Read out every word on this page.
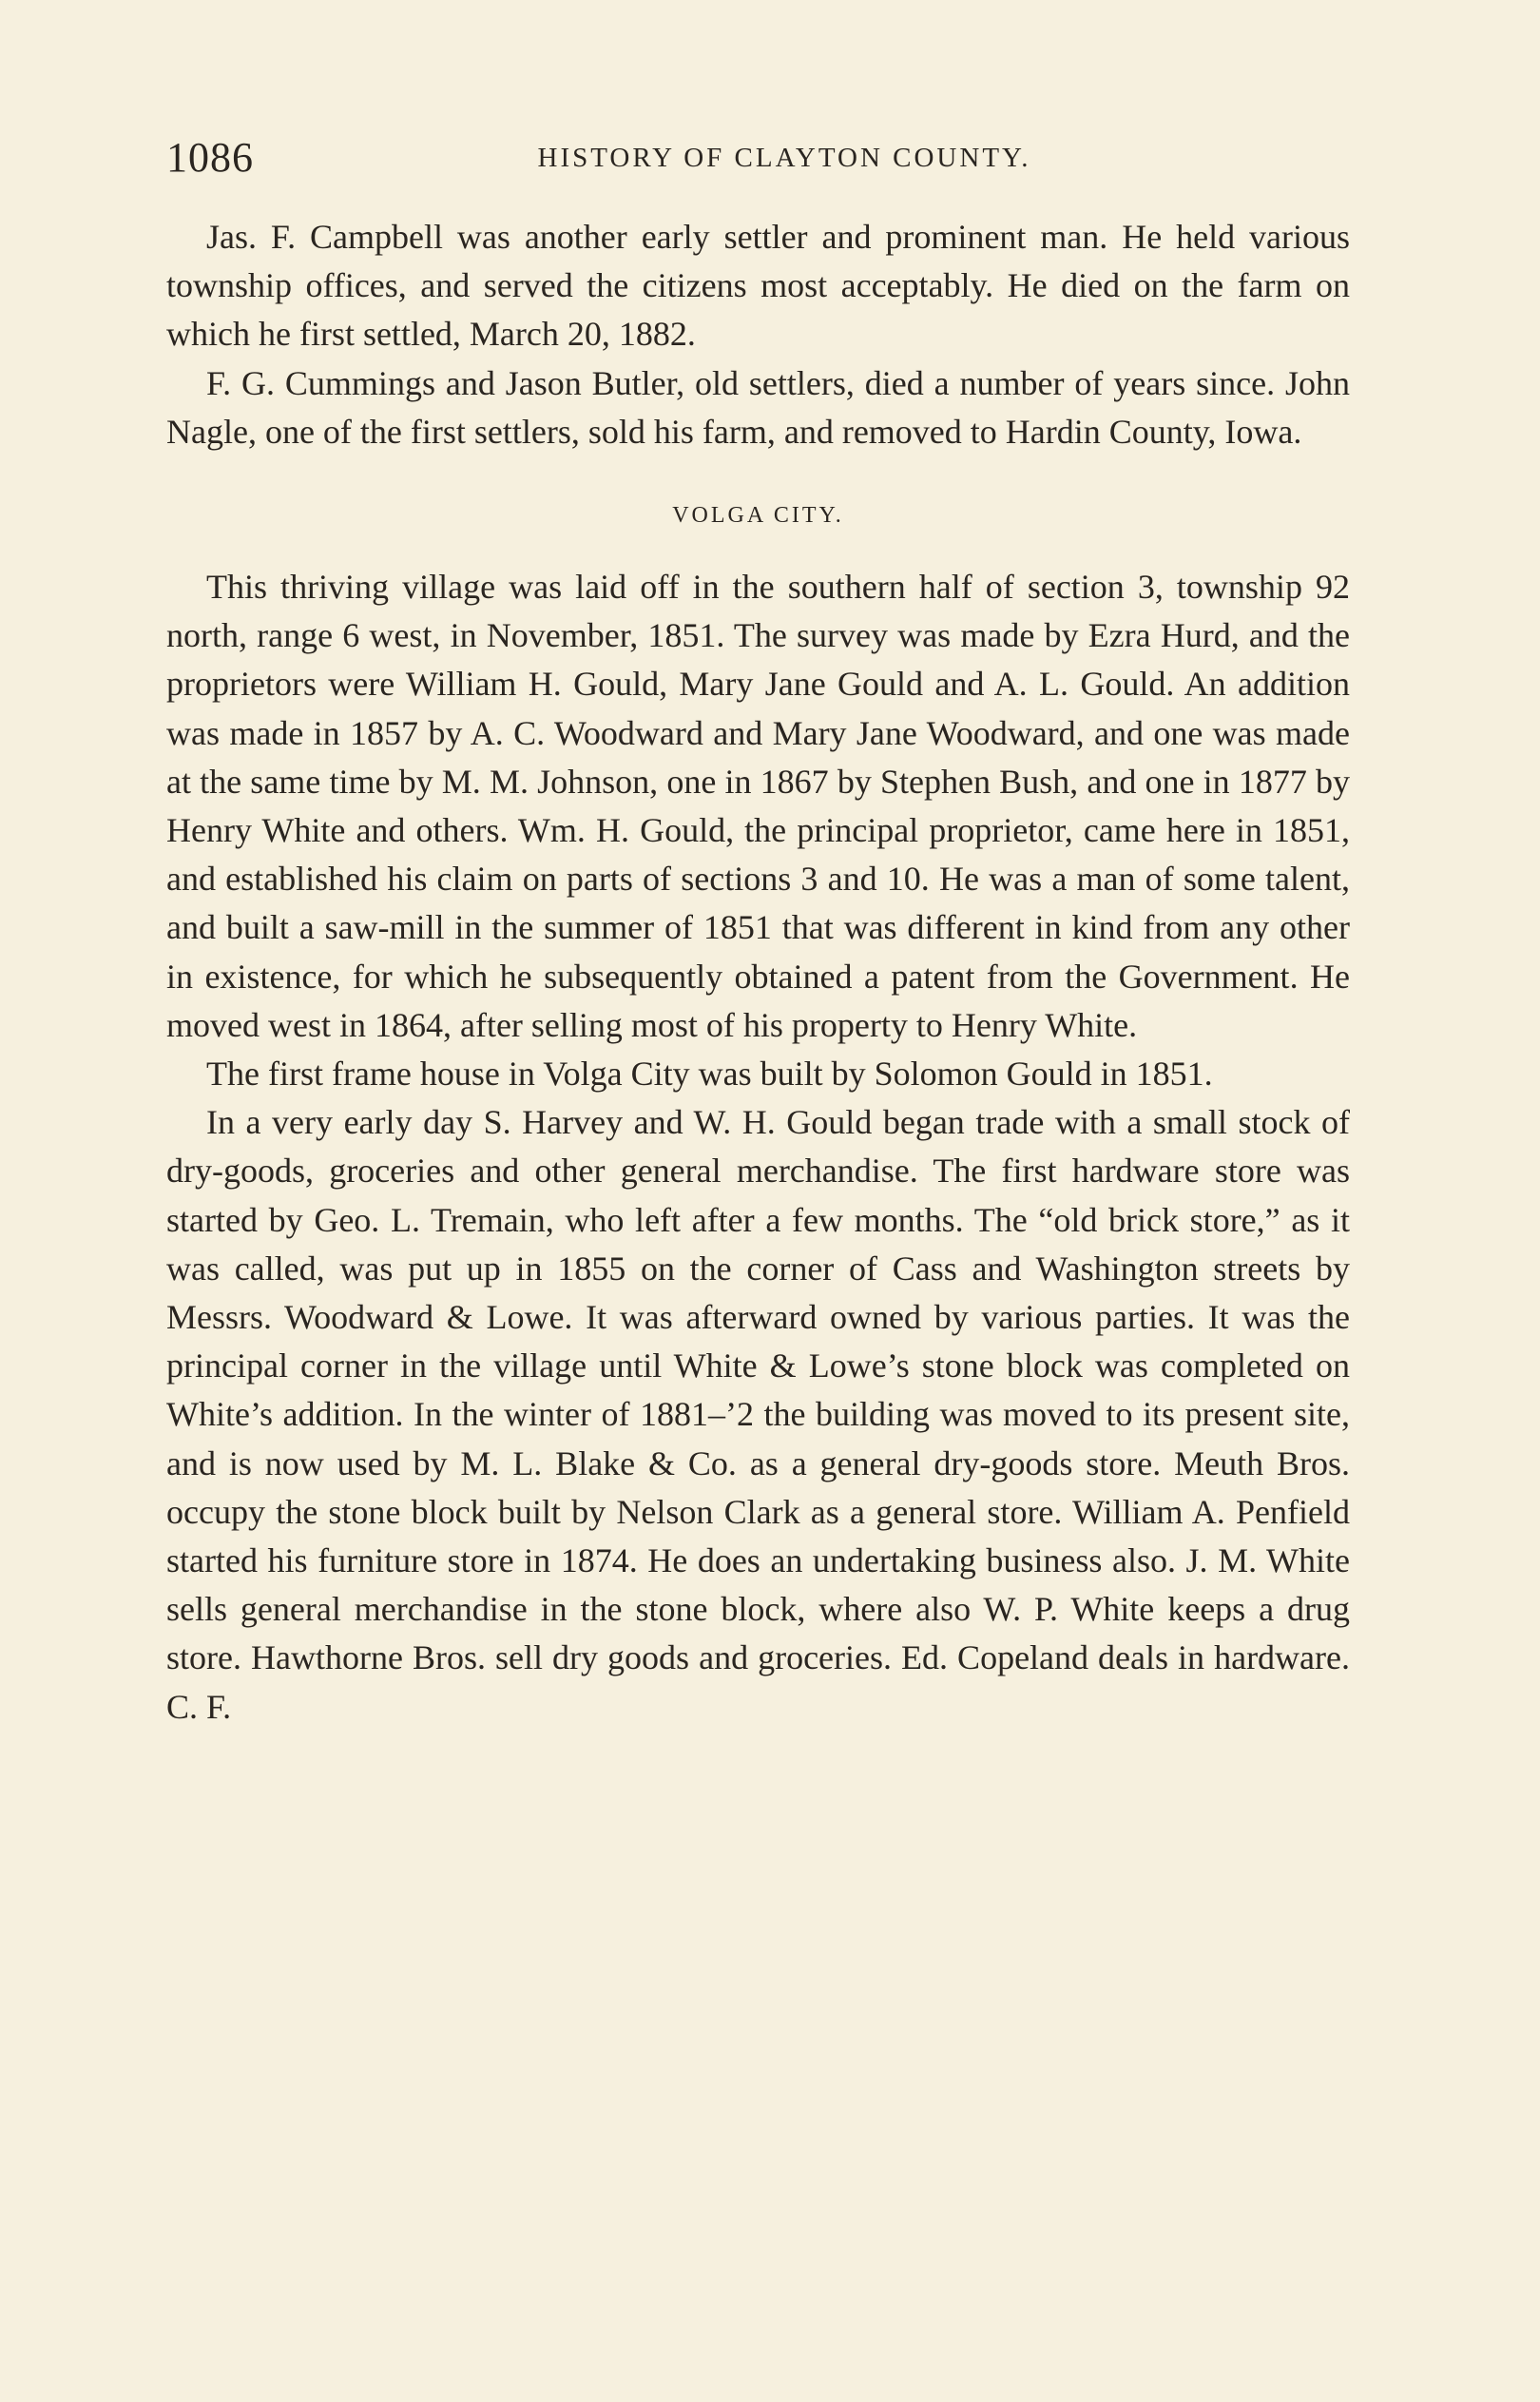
1086	HISTORY OF CLAYTON COUNTY.

Jas. F. Campbell was another early settler and prominent man. He held various township offices, and served the citizens most acceptably. He died on the farm on which he first settled, March 20, 1882.

F. G. Cummings and Jason Butler, old settlers, died a number of years since. John Nagle, one of the first settlers, sold his farm, and removed to Hardin County, Iowa.

VOLGA CITY.

This thriving village was laid off in the southern half of section 3, township 92 north, range 6 west, in November, 1851. The survey was made by Ezra Hurd, and the proprietors were William H. Gould, Mary Jane Gould and A. L. Gould. An addition was made in 1857 by A. C. Woodward and Mary Jane Woodward, and one was made at the same time by M. M. Johnson, one in 1867 by Stephen Bush, and one in 1877 by Henry White and others. Wm. H. Gould, the principal proprietor, came here in 1851, and established his claim on parts of sections 3 and 10. He was a man of some talent, and built a saw-mill in the summer of 1851 that was different in kind from any other in existence, for which he subsequently obtained a patent from the Government. He moved west in 1864, after selling most of his property to Henry White.

The first frame house in Volga City was built by Solomon Gould in 1851.

In a very early day S. Harvey and W. H. Gould began trade with a small stock of dry-goods, groceries and other general merchandise. The first hardware store was started by Geo. L. Tremain, who left after a few months. The “old brick store,” as it was called, was put up in 1855 on the corner of Cass and Washington streets by Messrs. Woodward & Lowe. It was afterward owned by various parties. It was the principal corner in the village until White & Lowe’s stone block was completed on White’s addition. In the winter of 1881–’2 the building was moved to its present site, and is now used by M. L. Blake & Co. as a general dry-goods store. Meuth Bros. occupy the stone block built by Nelson Clark as a general store. William A. Penfield started his furniture store in 1874. He does an undertaking business also. J. M. White sells general merchandise in the stone block, where also W. P. White keeps a drug store. Hawthorne Bros. sell dry goods and groceries. Ed. Copeland deals in hardware. C. F.
